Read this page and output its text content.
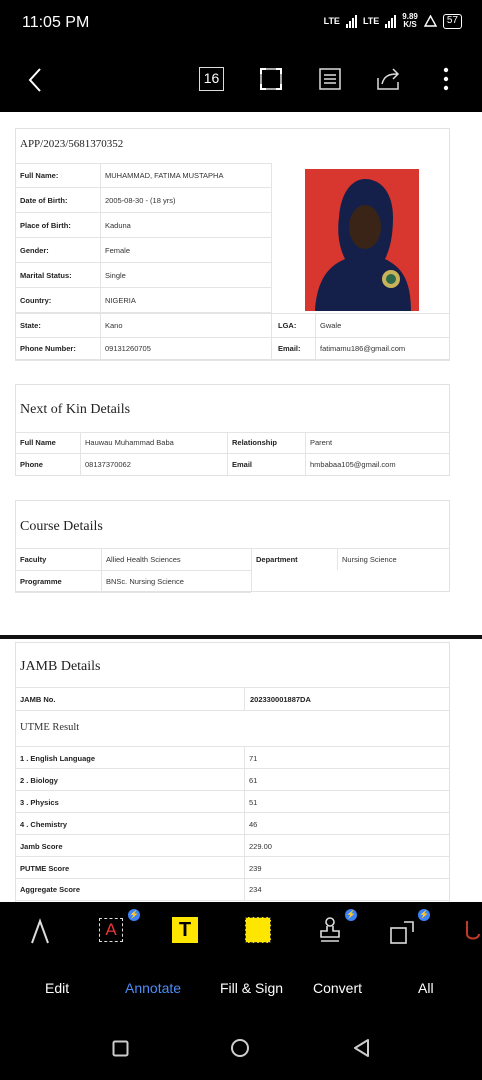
11:05 PM	LTE	LTE	9.89
K/S	57
16
APP/2023/5681370352
Full Name:	MUHAMMAD, FATIMA MUSTAPHA
Date of Birth:	2005-08-30 - (18 yrs)
Place of Birth:	Kaduna
Gender:	Female
Marital Status:	Single
Country:	NIGERIA
State:	Kano	LGA:	Gwale
Phone Number:	09131260705	Email:	fatimamu186@gmail.com
Next of Kin Details
Full Name	Hauwau Muhammad Baba	Relationship	Parent
Phone	08137370062	Email	hmbabaa105@gmail.com
Course Details
Faculty	Allied Health Sciences	Department	Nursing Science
Programme	BNSc. Nursing Science
JAMB Details
JAMB No.	202330001887DA
UTME Result
1 . English Language	71
2 . Biology	61
3 . Physics	51
4 . Chemistry	46
Jamb Score	229.00
PUTME Score	239
Aggregate Score	234
A
⚡
T
⚡	⚡
Edit	Annotate	Fill & Sign Convert	All
